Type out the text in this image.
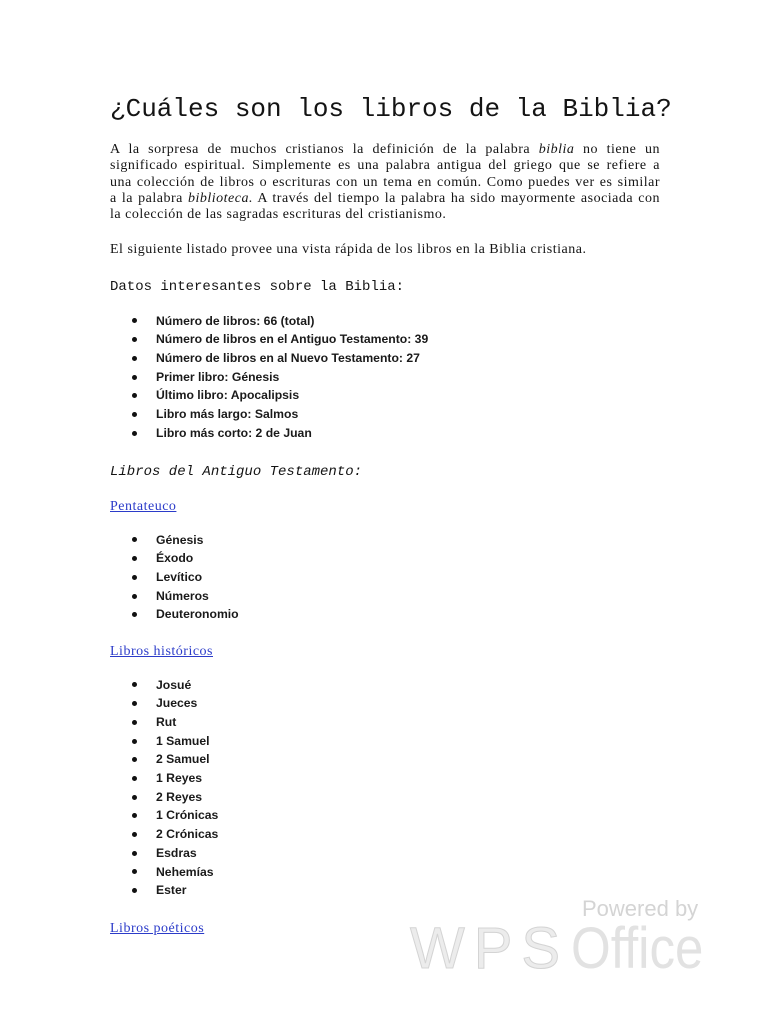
¿Cuáles son los libros de la Biblia?
A la sorpresa de muchos cristianos la definición de la palabra biblia no tiene un
significado espiritual. Simplemente es una palabra antigua del griego que se refiere a
una colección de libros o escrituras con un tema en común. Como puedes ver es similar
a la palabra biblioteca. A través del tiempo la palabra ha sido mayormente asociada con
la colección de las sagradas escrituras del cristianismo.
El siguiente listado provee una vista rápida de los libros en la Biblia cristiana.
Datos interesantes sobre la Biblia:
Número de libros: 66 (total)
Número de libros en el Antiguo Testamento: 39
Número de libros en al Nuevo Testamento: 27
Primer libro: Génesis
Último libro: Apocalipsis
Libro más largo: Salmos
Libro más corto: 2 de Juan
Libros del Antiguo Testamento:
Pentateuco
Génesis
Éxodo
Levítico
Números
Deuteronomio
Libros históricos
Josué
Jueces
Rut
1 Samuel
2 Samuel
1 Reyes
2 Reyes
1 Crónicas
2 Crónicas
Esdras
Nehemías
Ester
Libros poéticos
Powered by
WPS Office
